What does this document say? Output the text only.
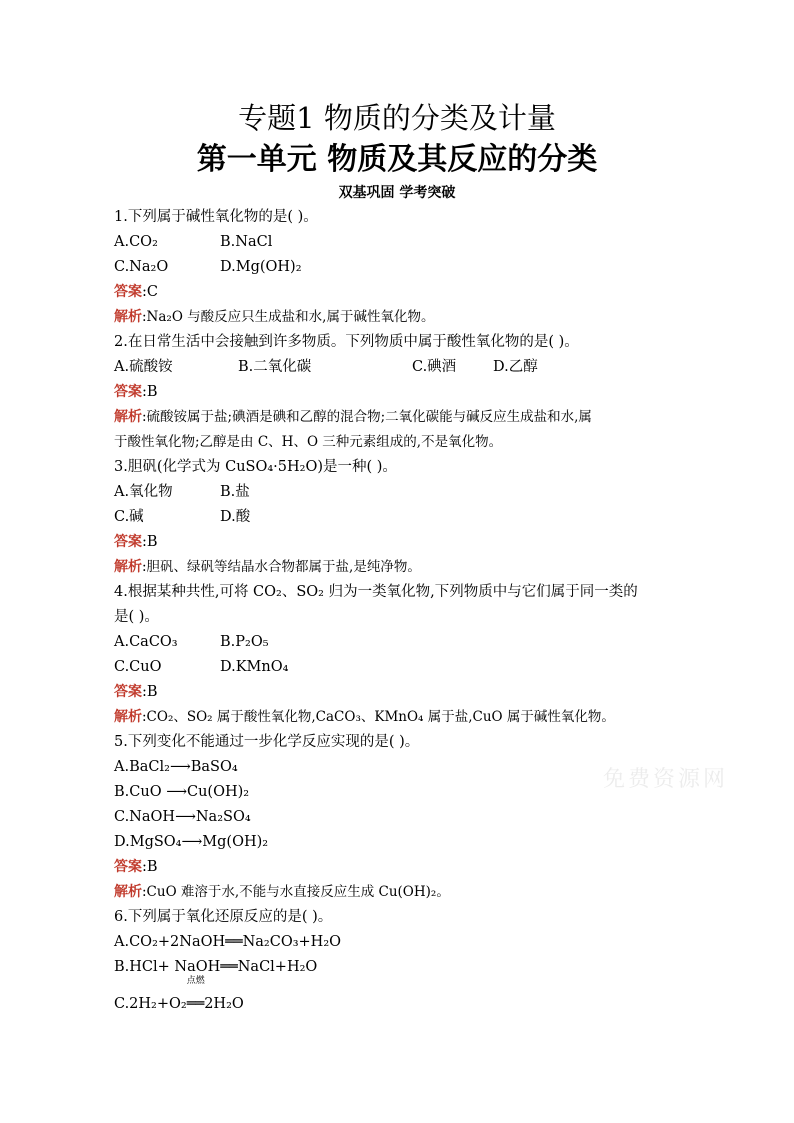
专题1 物质的分类及计量
第一单元 物质及其反应的分类
双基巩固 学考突破
1.下列属于碱性氧化物的是( )。
A.CO₂	B.NaCl
C.Na₂O	D.Mg(OH)₂
答案:C
解析:Na₂O 与酸反应只生成盐和水,属于碱性氧化物。
2.在日常生活中会接触到许多物质。下列物质中属于酸性氧化物的是( )。
A.硫酸铵	B.二氧化碳	C.碘酒	D.乙醇
答案:B
解析:硫酸铵属于盐;碘酒是碘和乙醇的混合物;二氧化碳能与碱反应生成盐和水,属
于酸性氧化物;乙醇是由 C、H、O 三种元素组成的,不是氧化物。
3.胆矾(化学式为 CuSO₄·5H₂O)是一种( )。
A.氧化物	B.盐
C.碱	D.酸
答案:B
解析:胆矾、绿矾等结晶水合物都属于盐,是纯净物。
4.根据某种共性,可将 CO₂、SO₂ 归为一类氧化物,下列物质中与它们属于同一类的
是( )。
A.CaCO₃	B.P₂O₅
C.CuO	D.KMnO₄
答案:B
解析:CO₂、SO₂ 属于酸性氧化物,CaCO₃、KMnO₄ 属于盐,CuO 属于碱性氧化物。
5.下列变化不能通过一步化学反应实现的是( )。
A.BaCl₂⟶BaSO₄
B.CuO ⟶Cu(OH)₂
C.NaOH⟶Na₂SO₄
D.MgSO₄⟶Mg(OH)₂
答案:B
解析:CuO 难溶于水,不能与水直接反应生成 Cu(OH)₂。
6.下列属于氧化还原反应的是( )。
A.CO₂+2NaOH══Na₂CO₃+H₂O
B.HCl+ NaOH══NaCl+H₂O
C.2H₂+O₂
点燃
══2H₂O
免费资源网
